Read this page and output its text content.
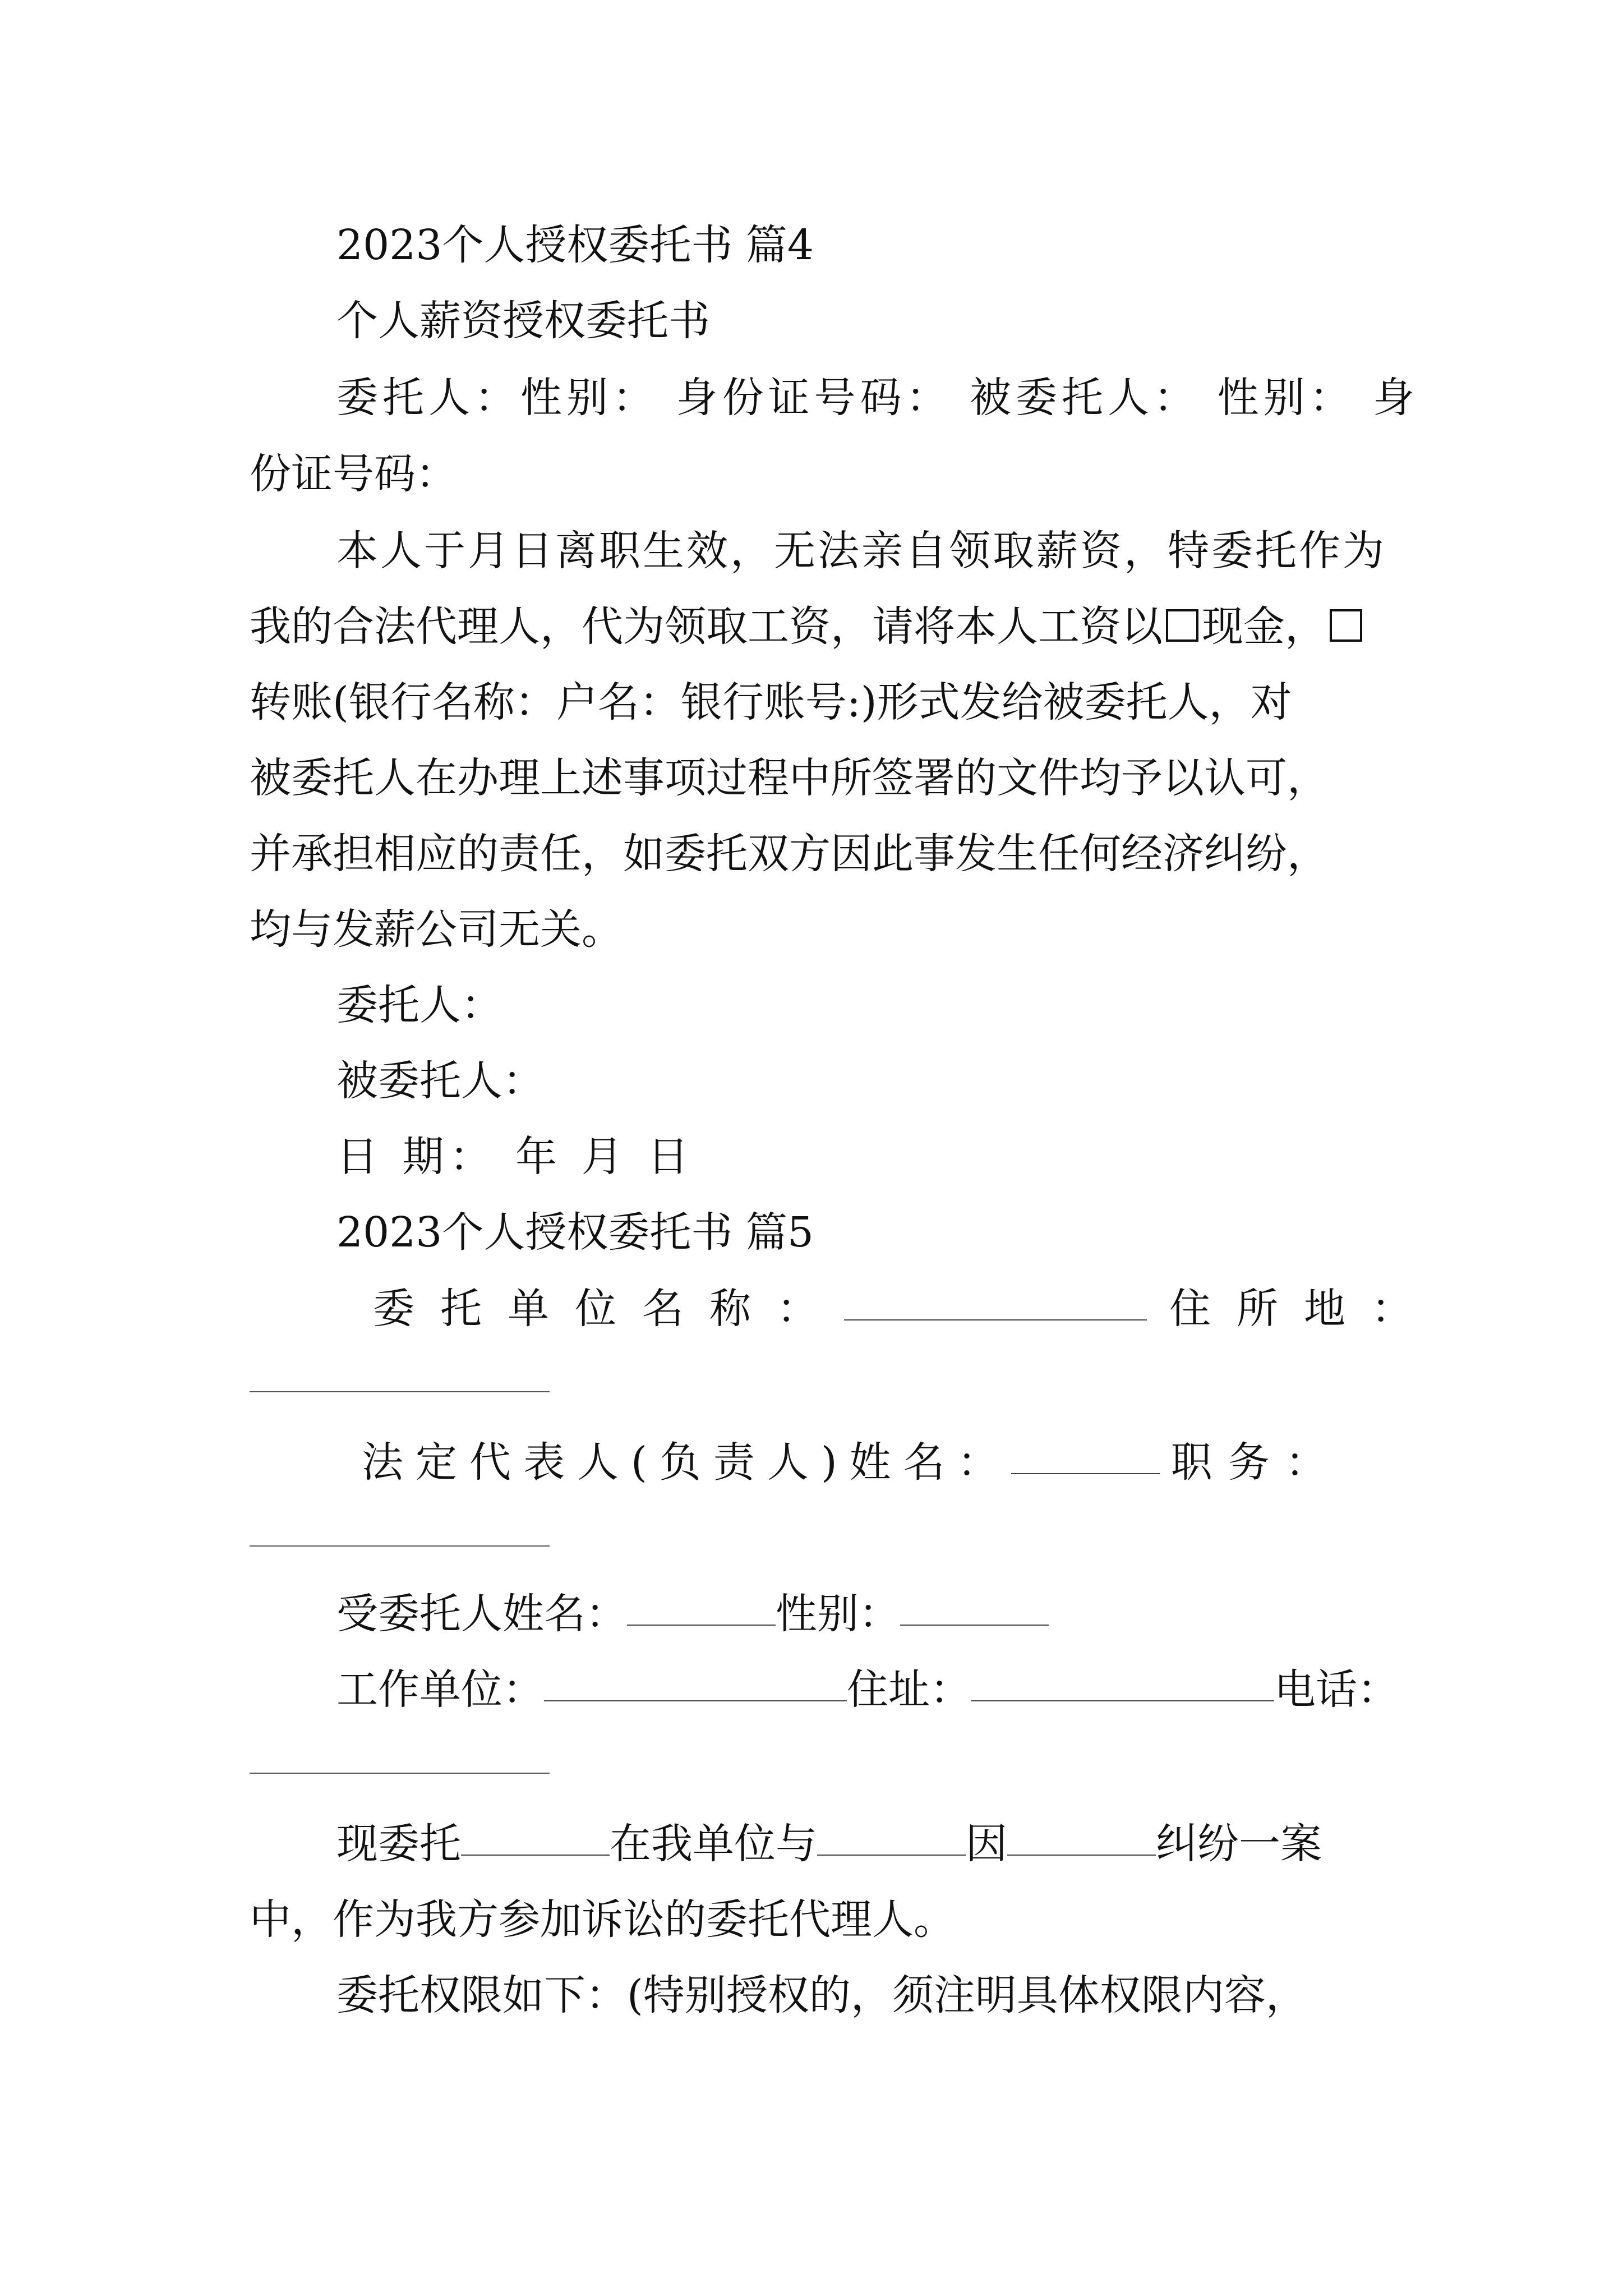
2023个人授权委托书 篇4
个人薪资授权委托书
委托人：性别： 身份证号码： 被委托人： 性别： 身
份证号码：
本人于月日离职生效，无法亲自领取薪资，特委托作为
我的合法代理人，代为领取工资，请将本人工资以 现金，
转账(银行名称：户名：银行账号:)形式发给被委托人，对
被委托人在办理上述事项过程中所签署的文件均予以认可，
并承担相应的责任，如委托双方因此事发生任何经济纠纷，
均与发薪公司无关。
委托人：
被委托人：
日 期： 年 月 日
2023个人授权委托书 篇5
委托单位名称：	住所地：
法定代表人(负责人)姓名：	职务：
受委托人姓名：	性别：
工作单位：	住址：	电话：
现委托	在我单位与	因	纠纷一案
中，作为我方参加诉讼的委托代理人。
委托权限如下：(特别授权的，须注明具体权限内容，
